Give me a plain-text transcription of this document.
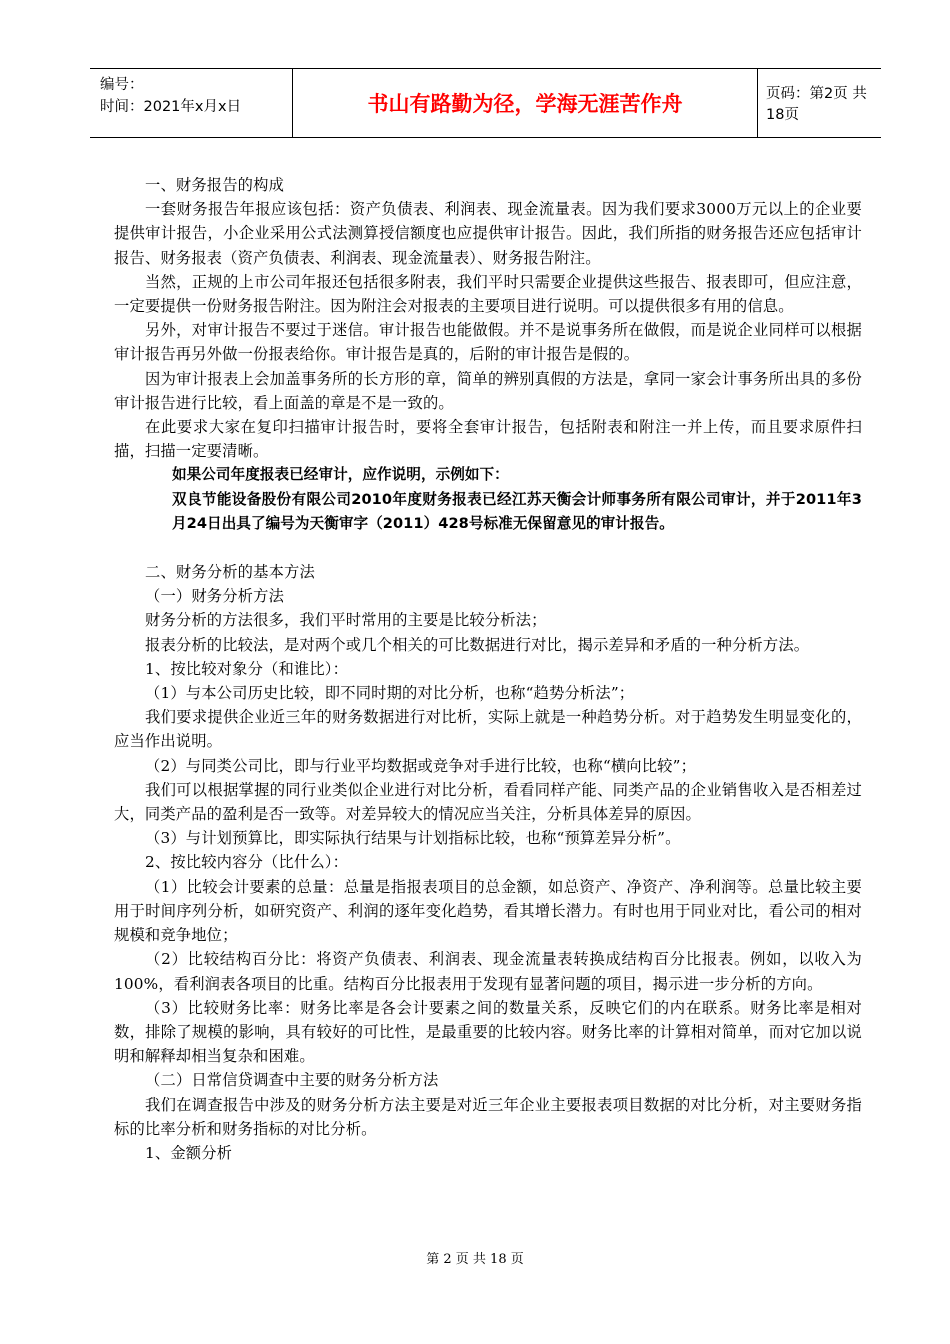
编号：
时间：2021年x月x日	书山有路勤为径，学海无涯苦作舟	页码：第2页 共18页

一、财务报告的构成

一套财务报告年报应该包括：资产负债表、利润表、现金流量表。因为我们要求3000万元以上的企业要提供审计报告，小企业采用公式法测算授信额度也应提供审计报告。因此，我们所指的财务报告还应包括审计报告、财务报表（资产负债表、利润表、现金流量表）、财务报告附注。

当然，正规的上市公司年报还包括很多附表，我们平时只需要企业提供这些报告、报表即可，但应注意，一定要提供一份财务报告附注。因为附注会对报表的主要项目进行说明。可以提供很多有用的信息。

另外，对审计报告不要过于迷信。审计报告也能做假。并不是说事务所在做假，而是说企业同样可以根据审计报告再另外做一份报表给你。审计报告是真的，后附的审计报告是假的。

因为审计报表上会加盖事务所的长方形的章，简单的辨别真假的方法是，拿同一家会计事务所出具的多份审计报告进行比较，看上面盖的章是不是一致的。

在此要求大家在复印扫描审计报告时，要将全套审计报告，包括附表和附注一并上传，而且要求原件扫描，扫描一定要清晰。

如果公司年度报表已经审计，应作说明，示例如下：

双良节能设备股份有限公司2010年度财务报表已经江苏天衡会计师事务所有限公司审计，并于2011年3月24日出具了编号为天衡审字（2011）428号标准无保留意见的审计报告。

二、财务分析的基本方法

（一）财务分析方法

财务分析的方法很多，我们平时常用的主要是比较分析法；

报表分析的比较法，是对两个或几个相关的可比数据进行对比，揭示差异和矛盾的一种分析方法。

1、按比较对象分（和谁比）：

（1）与本公司历史比较，即不同时期的对比分析，也称“趋势分析法”；

我们要求提供企业近三年的财务数据进行对比析，实际上就是一种趋势分析。对于趋势发生明显变化的，应当作出说明。

（2）与同类公司比，即与行业平均数据或竞争对手进行比较，也称“横向比较”；

我们可以根据掌握的同行业类似企业进行对比分析，看看同样产能、同类产品的企业销售收入是否相差过大，同类产品的盈利是否一致等。对差异较大的情况应当关注，分析具体差异的原因。

（3）与计划预算比，即实际执行结果与计划指标比较，也称“预算差异分析”。

2、按比较内容分（比什么）：

（1）比较会计要素的总量：总量是指报表项目的总金额，如总资产、净资产、净利润等。总量比较主要用于时间序列分析，如研究资产、利润的逐年变化趋势，看其增长潜力。有时也用于同业对比，看公司的相对规模和竞争地位；

（2）比较结构百分比：将资产负债表、利润表、现金流量表转换成结构百分比报表。例如，以收入为100%，看利润表各项目的比重。结构百分比报表用于发现有显著问题的项目，揭示进一步分析的方向。

（3）比较财务比率：财务比率是各会计要素之间的数量关系，反映它们的内在联系。财务比率是相对数，排除了规模的影响，具有较好的可比性，是最重要的比较内容。财务比率的计算相对简单，而对它加以说明和解释却相当复杂和困难。

（二）日常信贷调查中主要的财务分析方法

我们在调查报告中涉及的财务分析方法主要是对近三年企业主要报表项目数据的对比分析，对主要财务指标的比率分析和财务指标的对比分析。

1、金额分析

第 2 页 共 18 页
